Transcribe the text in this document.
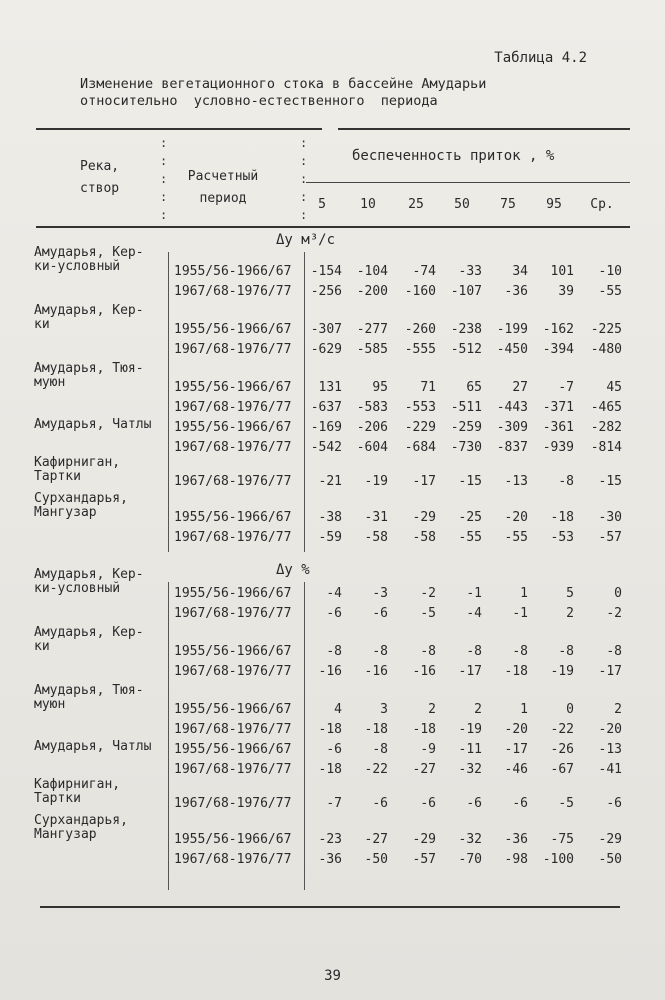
Таблица 4.2
Изменение вегетационного стока в бассейне Амударьи
относительно  условно-естественного  периода
Река,
створ
Расчетный
период
беспеченность приток , %
5	10	25	50	75	95	Ср.
:
:
:
:
:
:
:
:
:
:
Δy м³/с
Амударья, Кер-
ки-условный	1955/56-1966/67	-154	-104	-74	-33	34	101	-10
1967/68-1976/77	-256	-200	-160	-107	-36	39	-55
Амударья, Кер-
ки	1955/56-1966/67	-307	-277	-260	-238	-199	-162	-225
1967/68-1976/77	-629	-585	-555	-512	-450	-394	-480
Амударья, Тюя-
муюн	1955/56-1966/67	131	95	71	65	27	-7	45
1967/68-1976/77	-637	-583	-553	-511	-443	-371	-465
Амударья, Чатлы 1955/56-1966/67	-169	-206	-229	-259	-309	-361	-282
1967/68-1976/77	-542	-604	-684	-730	-837	-939	-814
Кафирниган,
Тартки	1967/68-1976/77	-21	-19	-17	-15	-13	-8	-15
Сурхандарья,
Мангузар	1955/56-1966/67	-38	-31	-29	-25	-20	-18	-30
1967/68-1976/77	-59	-58	-58	-55	-55	-53	-57
Δy %
Амударья, Кер-
ки-условный	1955/56-1966/67	-4	-3	-2	-1	1	5	0
1967/68-1976/77	-6	-6	-5	-4	-1	2	-2
Амударья, Кер-
ки	1955/56-1966/67	-8	-8	-8	-8	-8	-8	-8
1967/68-1976/77	-16	-16	-16	-17	-18	-19	-17
Амударья, Тюя-
муюн	1955/56-1966/67	4	3	2	2	1	0	2
1967/68-1976/77	-18	-18	-18	-19	-20	-22	-20
Амударья, Чатлы 1955/56-1966/67	-6	-8	-9	-11	-17	-26	-13
1967/68-1976/77	-18	-22	-27	-32	-46	-67	-41
Кафирниган,
Тартки	1967/68-1976/77	-7	-6	-6	-6	-6	-5	-6
Сурхандарья,
Мангузар	1955/56-1966/67	-23	-27	-29	-32	-36	-75	-29
1967/68-1976/77	-36	-50	-57	-70	-98	-100	-50
39
